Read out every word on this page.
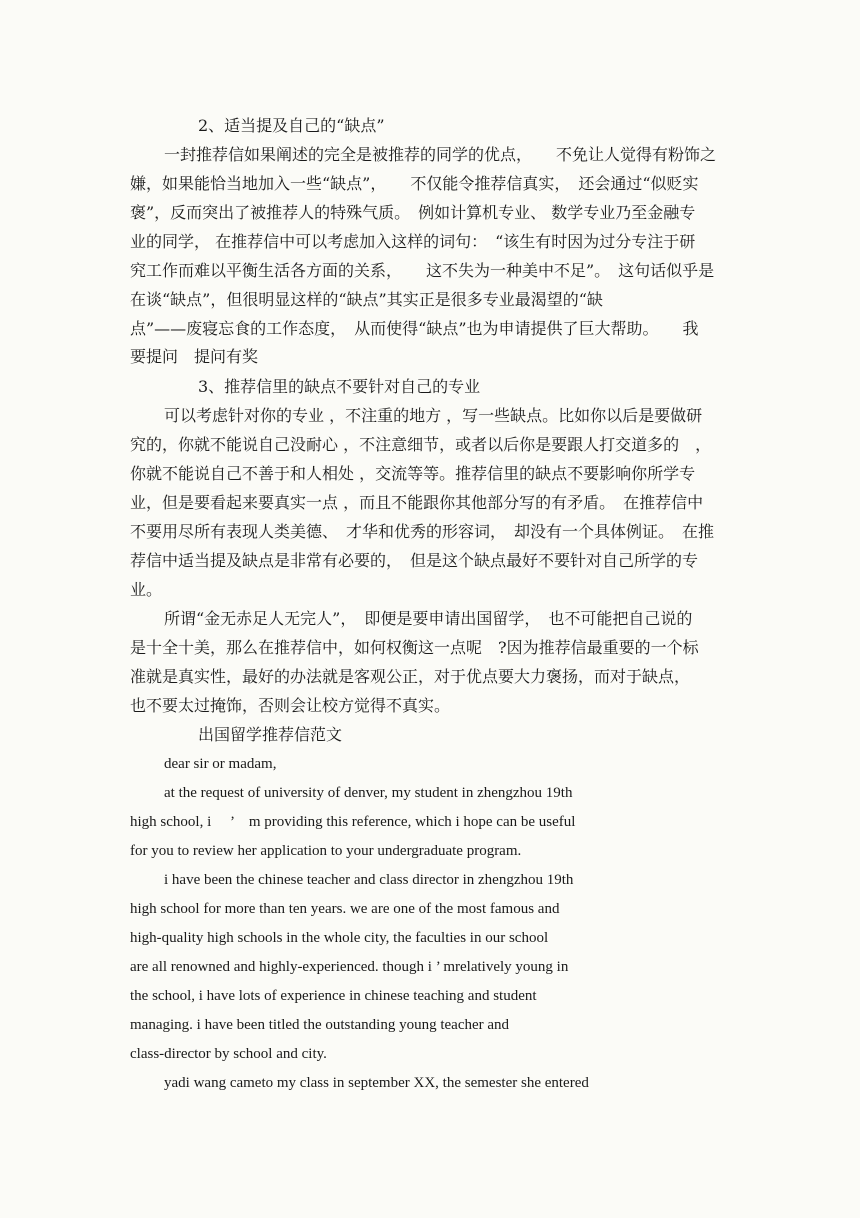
2、适当提及自己的“缺点”
一封推荐信如果阐述的完全是被推荐的同学的优点，　　不免让人觉得有粉饰之
嫌，如果能恰当地加入一些“缺点”，　　不仅能令推荐信真实，　还会通过“似贬实
褒”，反而突出了被推荐人的特殊气质。　例如计算机专业、 数学专业乃至金融专
业的同学， 在推荐信中可以考虑加入这样的词句：　“该生有时因为过分专注于研
究工作而难以平衡生活各方面的关系，　　这不失为一种美中不足”。　这句话似乎是
在谈“缺点”，但很明显这样的“缺点”其实正是很多专业最渴望的“缺
点”——废寝忘食的工作态度，　从而使得“缺点”也为申请提供了巨大帮助。　　我
要提问　提问有奖
3、推荐信里的缺点不要针对自己的专业
可以考虑针对你的专业 ，不注重的地方 ，写一些缺点。比如你以后是要做研
究的，你就不能说自己没耐心 ，不注意细节，或者以后你是要跟人打交道多的　，
你就不能说自己不善于和人相处 ，交流等等。推荐信里的缺点不要影响你所学专
业，但是要看起来要真实一点 ，而且不能跟你其他部分写的有矛盾。　在推荐信中
不要用尽所有表现人类美德、　才华和优秀的形容词，　却没有一个具体例证。　在推
荐信中适当提及缺点是非常有必要的，　但是这个缺点最好不要针对自己所学的专
业。
所谓“金无赤足人无完人”，　即便是要申请出国留学，　也不可能把自己说的
是十全十美，那么在推荐信中，如何权衡这一点呢　?因为推荐信最重要的一个标
准就是真实性，最好的办法就是客观公正，对于优点要大力褒扬，而对于缺点，
也不要太过掩饰，否则会让校方觉得不真实。
出国留学推荐信范文
dear sir or madam,
at the request of university of denver, my student in zhengzhou 19th
high school, i　 ’　m providing this reference, which i hope can be useful
for you to review her application to your undergraduate program.
i have been the chinese teacher and class director in zhengzhou 19th
high school for more than ten years. we are one of the most famous and
high-quality high schools in the whole city, the faculties in our school
are all renowned and highly-experienced. though i ’ mrelatively young in
the school, i have lots of experience in chinese teaching and student
managing. i have been titled the outstanding young teacher and
class-director by school and city.
yadi wang cameto my class in september XX, the semester she entered
